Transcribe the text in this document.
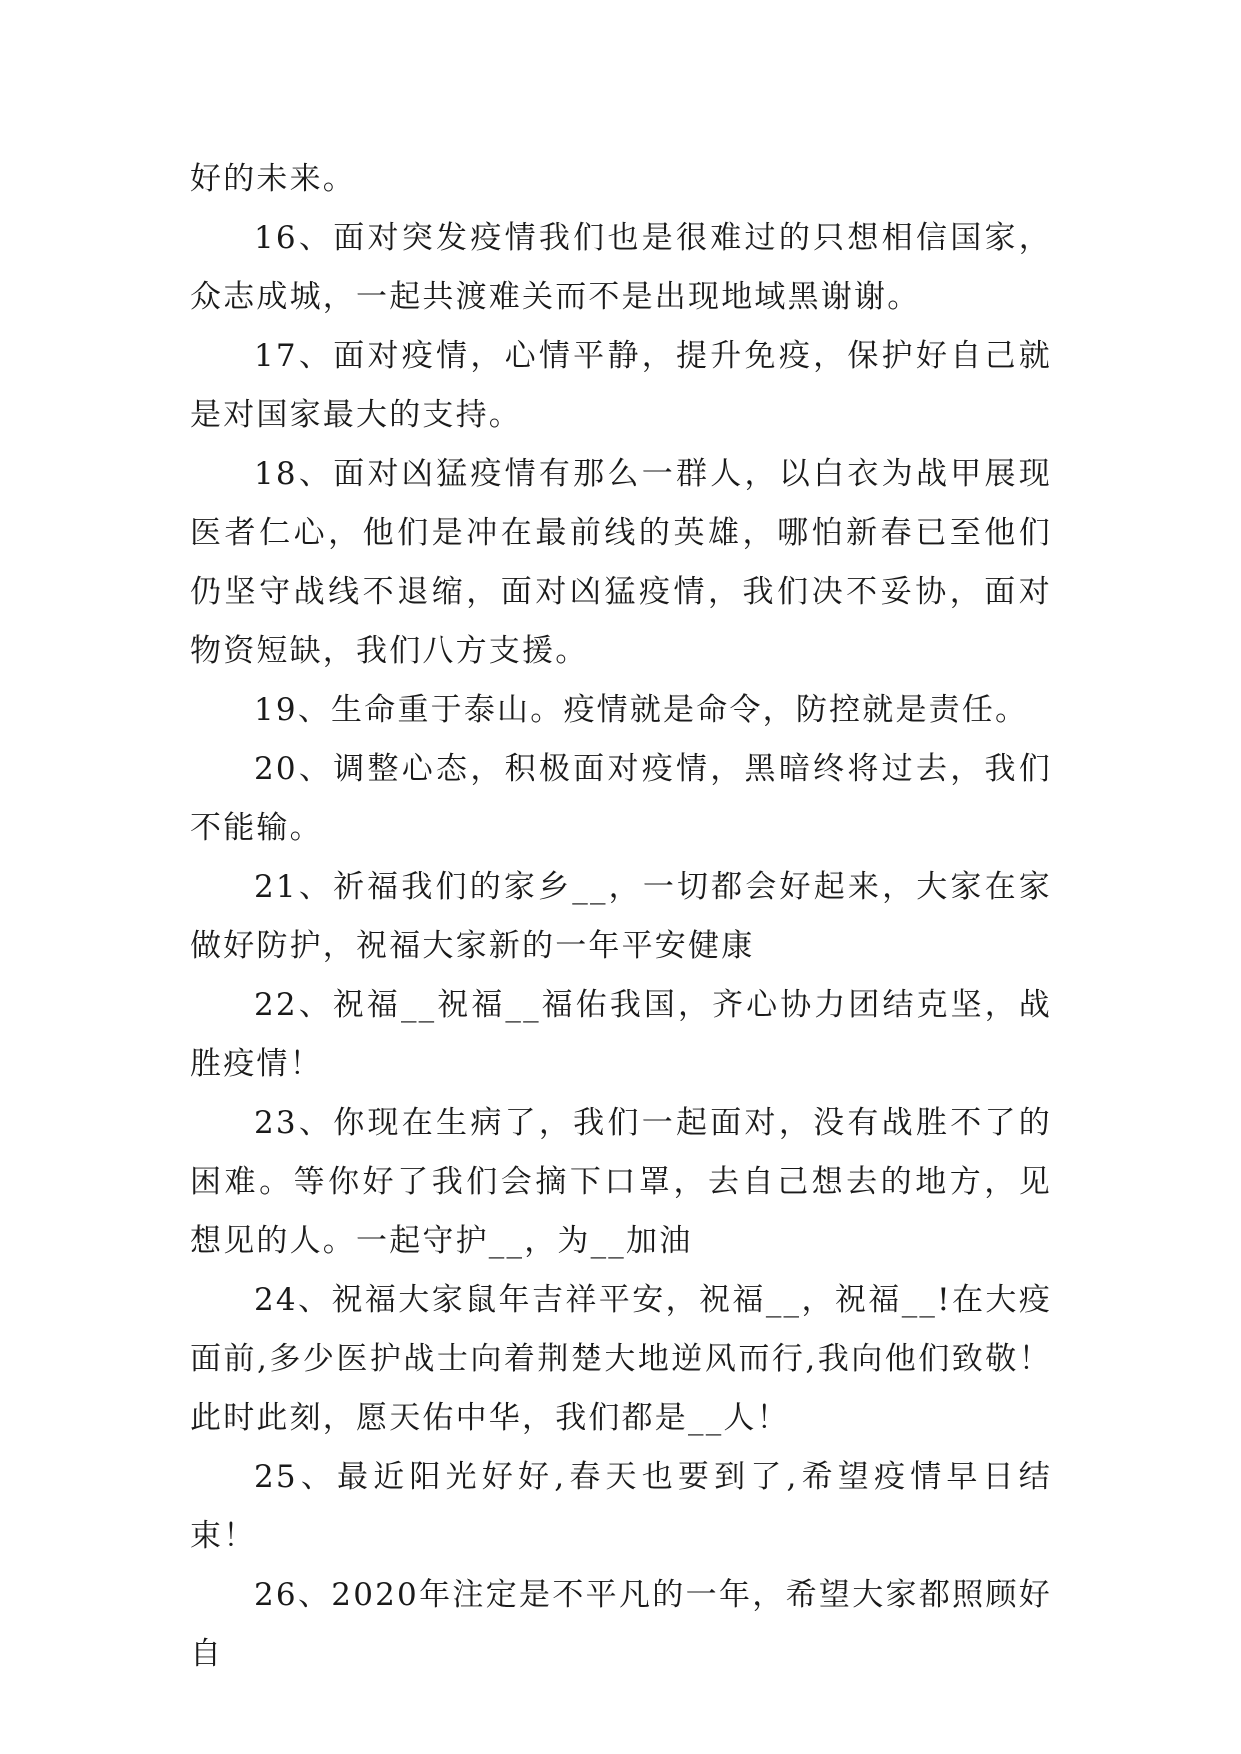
好的未来。

16、面对突发疫情我们也是很难过的只想相信国家，众志成城，一起共渡难关而不是出现地域黑谢谢。

17、面对疫情，心情平静，提升免疫，保护好自己就是对国家最大的支持。

18、面对凶猛疫情有那么一群人，以白衣为战甲展现医者仁心，他们是冲在最前线的英雄，哪怕新春已至他们仍坚守战线不退缩，面对凶猛疫情，我们决不妥协，面对物资短缺，我们八方支援。

19、生命重于泰山。疫情就是命令，防控就是责任。

20、调整心态，积极面对疫情，黑暗终将过去，我们不能输。

21、祈福我们的家乡__，一切都会好起来，大家在家做好防护，祝福大家新的一年平安健康

22、祝福__祝福__福佑我国，齐心协力团结克坚，战胜疫情！

23、你现在生病了，我们一起面对，没有战胜不了的困难。等你好了我们会摘下口罩，去自己想去的地方，见想见的人。一起守护__，为__加油

24、祝福大家鼠年吉祥平安，祝福__，祝福__!在大疫面前,多少医护战士向着荆楚大地逆风而行,我向他们致敬！此时此刻，愿天佑中华，我们都是__人！

25、最近阳光好好,春天也要到了,希望疫情早日结束！

26、2020年注定是不平凡的一年，希望大家都照顾好自
